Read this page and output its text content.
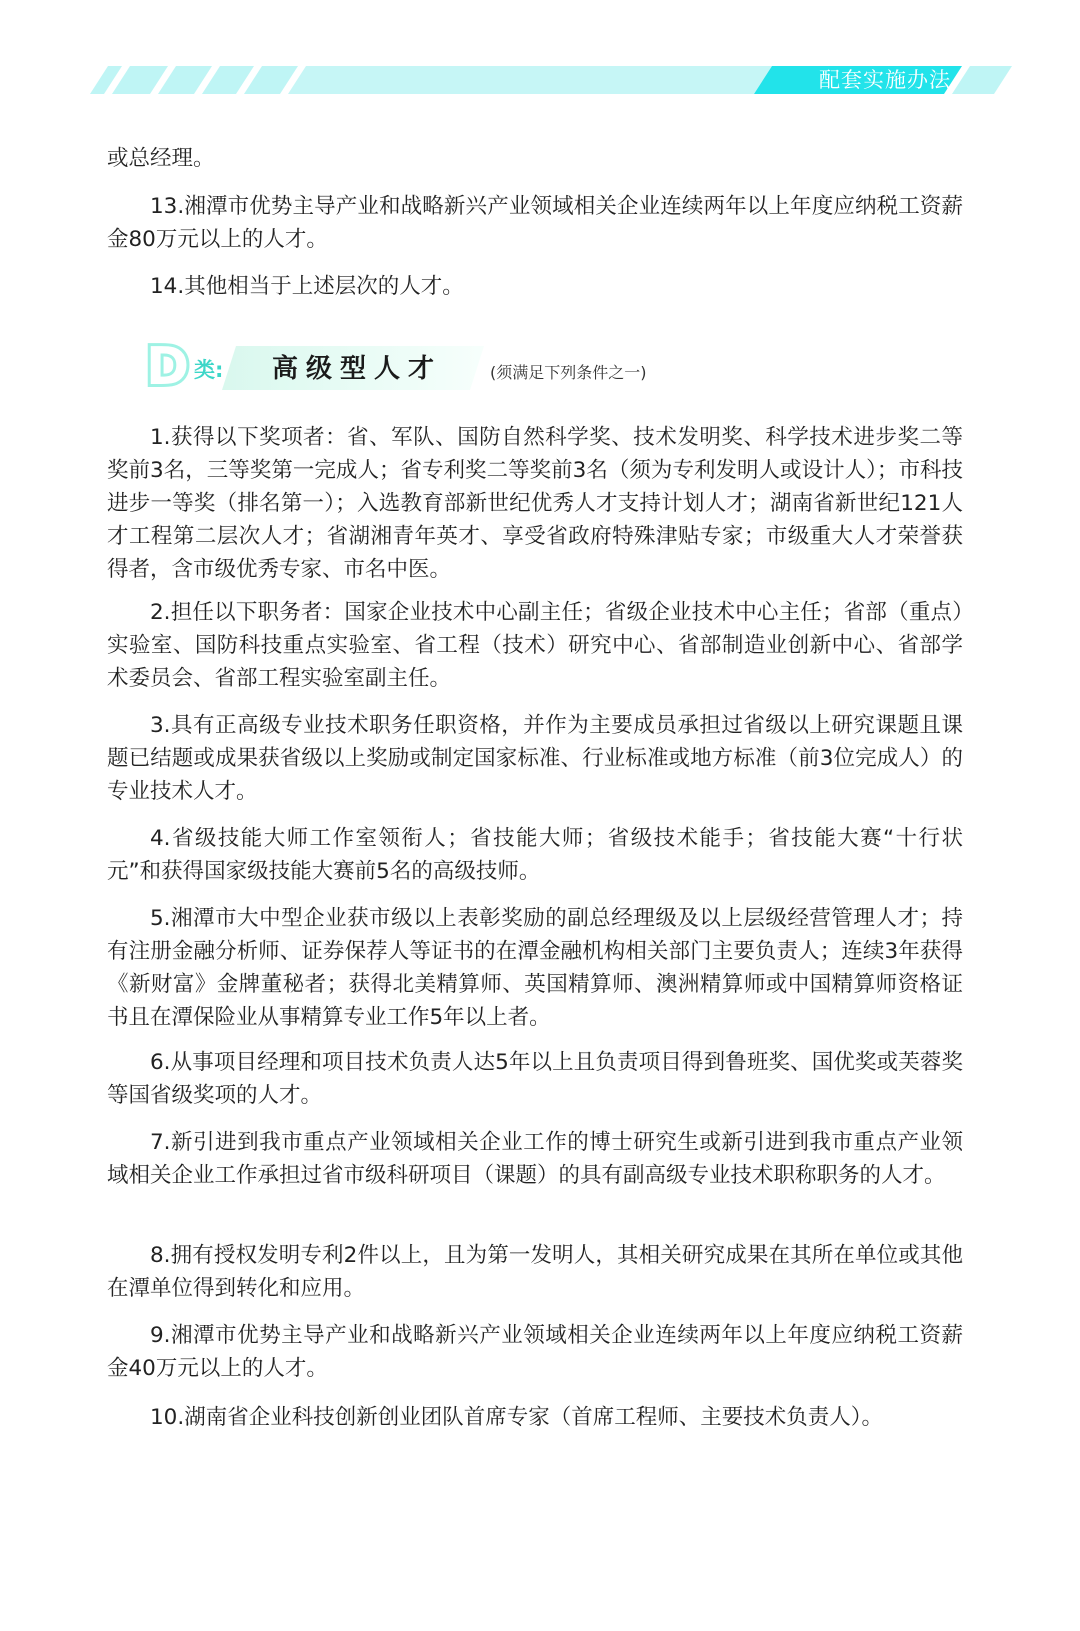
配套实施办法

或总经理。

13.湘潭市优势主导产业和战略新兴产业领域相关企业连续两年以上年度应纳税工资薪金80万元以上的人才。

14.其他相当于上述层次的人才。

D 类: 高级型人才	(须满足下列条件之一)

1.获得以下奖项者：省、军队、国防自然科学奖、技术发明奖、科学技术进步奖二等奖前3名，三等奖第一完成人；省专利奖二等奖前3名（须为专利发明人或设计人）；市科技进步一等奖（排名第一）；入选教育部新世纪优秀人才支持计划人才；湖南省新世纪121人才工程第二层次人才；省湖湘青年英才、享受省政府特殊津贴专家；市级重大人才荣誉获得者，含市级优秀专家、市名中医。

2.担任以下职务者：国家企业技术中心副主任；省级企业技术中心主任；省部（重点）实验室、国防科技重点实验室、省工程（技术）研究中心、省部制造业创新中心、省部学术委员会、省部工程实验室副主任。

3.具有正高级专业技术职务任职资格，并作为主要成员承担过省级以上研究课题且课题已结题或成果获省级以上奖励或制定国家标准、行业标准或地方标准（前3位完成人）的专业技术人才。

4.省级技能大师工作室领衔人；省技能大师；省级技术能手；省技能大赛“十行状元”和获得国家级技能大赛前5名的高级技师。

5.湘潭市大中型企业获市级以上表彰奖励的副总经理级及以上层级经营管理人才；持有注册金融分析师、证券保荐人等证书的在潭金融机构相关部门主要负责人；连续3年获得《新财富》金牌董秘者；获得北美精算师、英国精算师、澳洲精算师或中国精算师资格证书且在潭保险业从事精算专业工作5年以上者。

6.从事项目经理和项目技术负责人达5年以上且负责项目得到鲁班奖、国优奖或芙蓉奖等国省级奖项的人才。

7.新引进到我市重点产业领域相关企业工作的博士研究生或新引进到我市重点产业领域相关企业工作承担过省市级科研项目（课题）的具有副高级专业技术职称职务的人才。

8.拥有授权发明专利2件以上，且为第一发明人，其相关研究成果在其所在单位或其他在潭单位得到转化和应用。

9.湘潭市优势主导产业和战略新兴产业领域相关企业连续两年以上年度应纳税工资薪金40万元以上的人才。

10.湖南省企业科技创新创业团队首席专家（首席工程师、主要技术负责人）。
